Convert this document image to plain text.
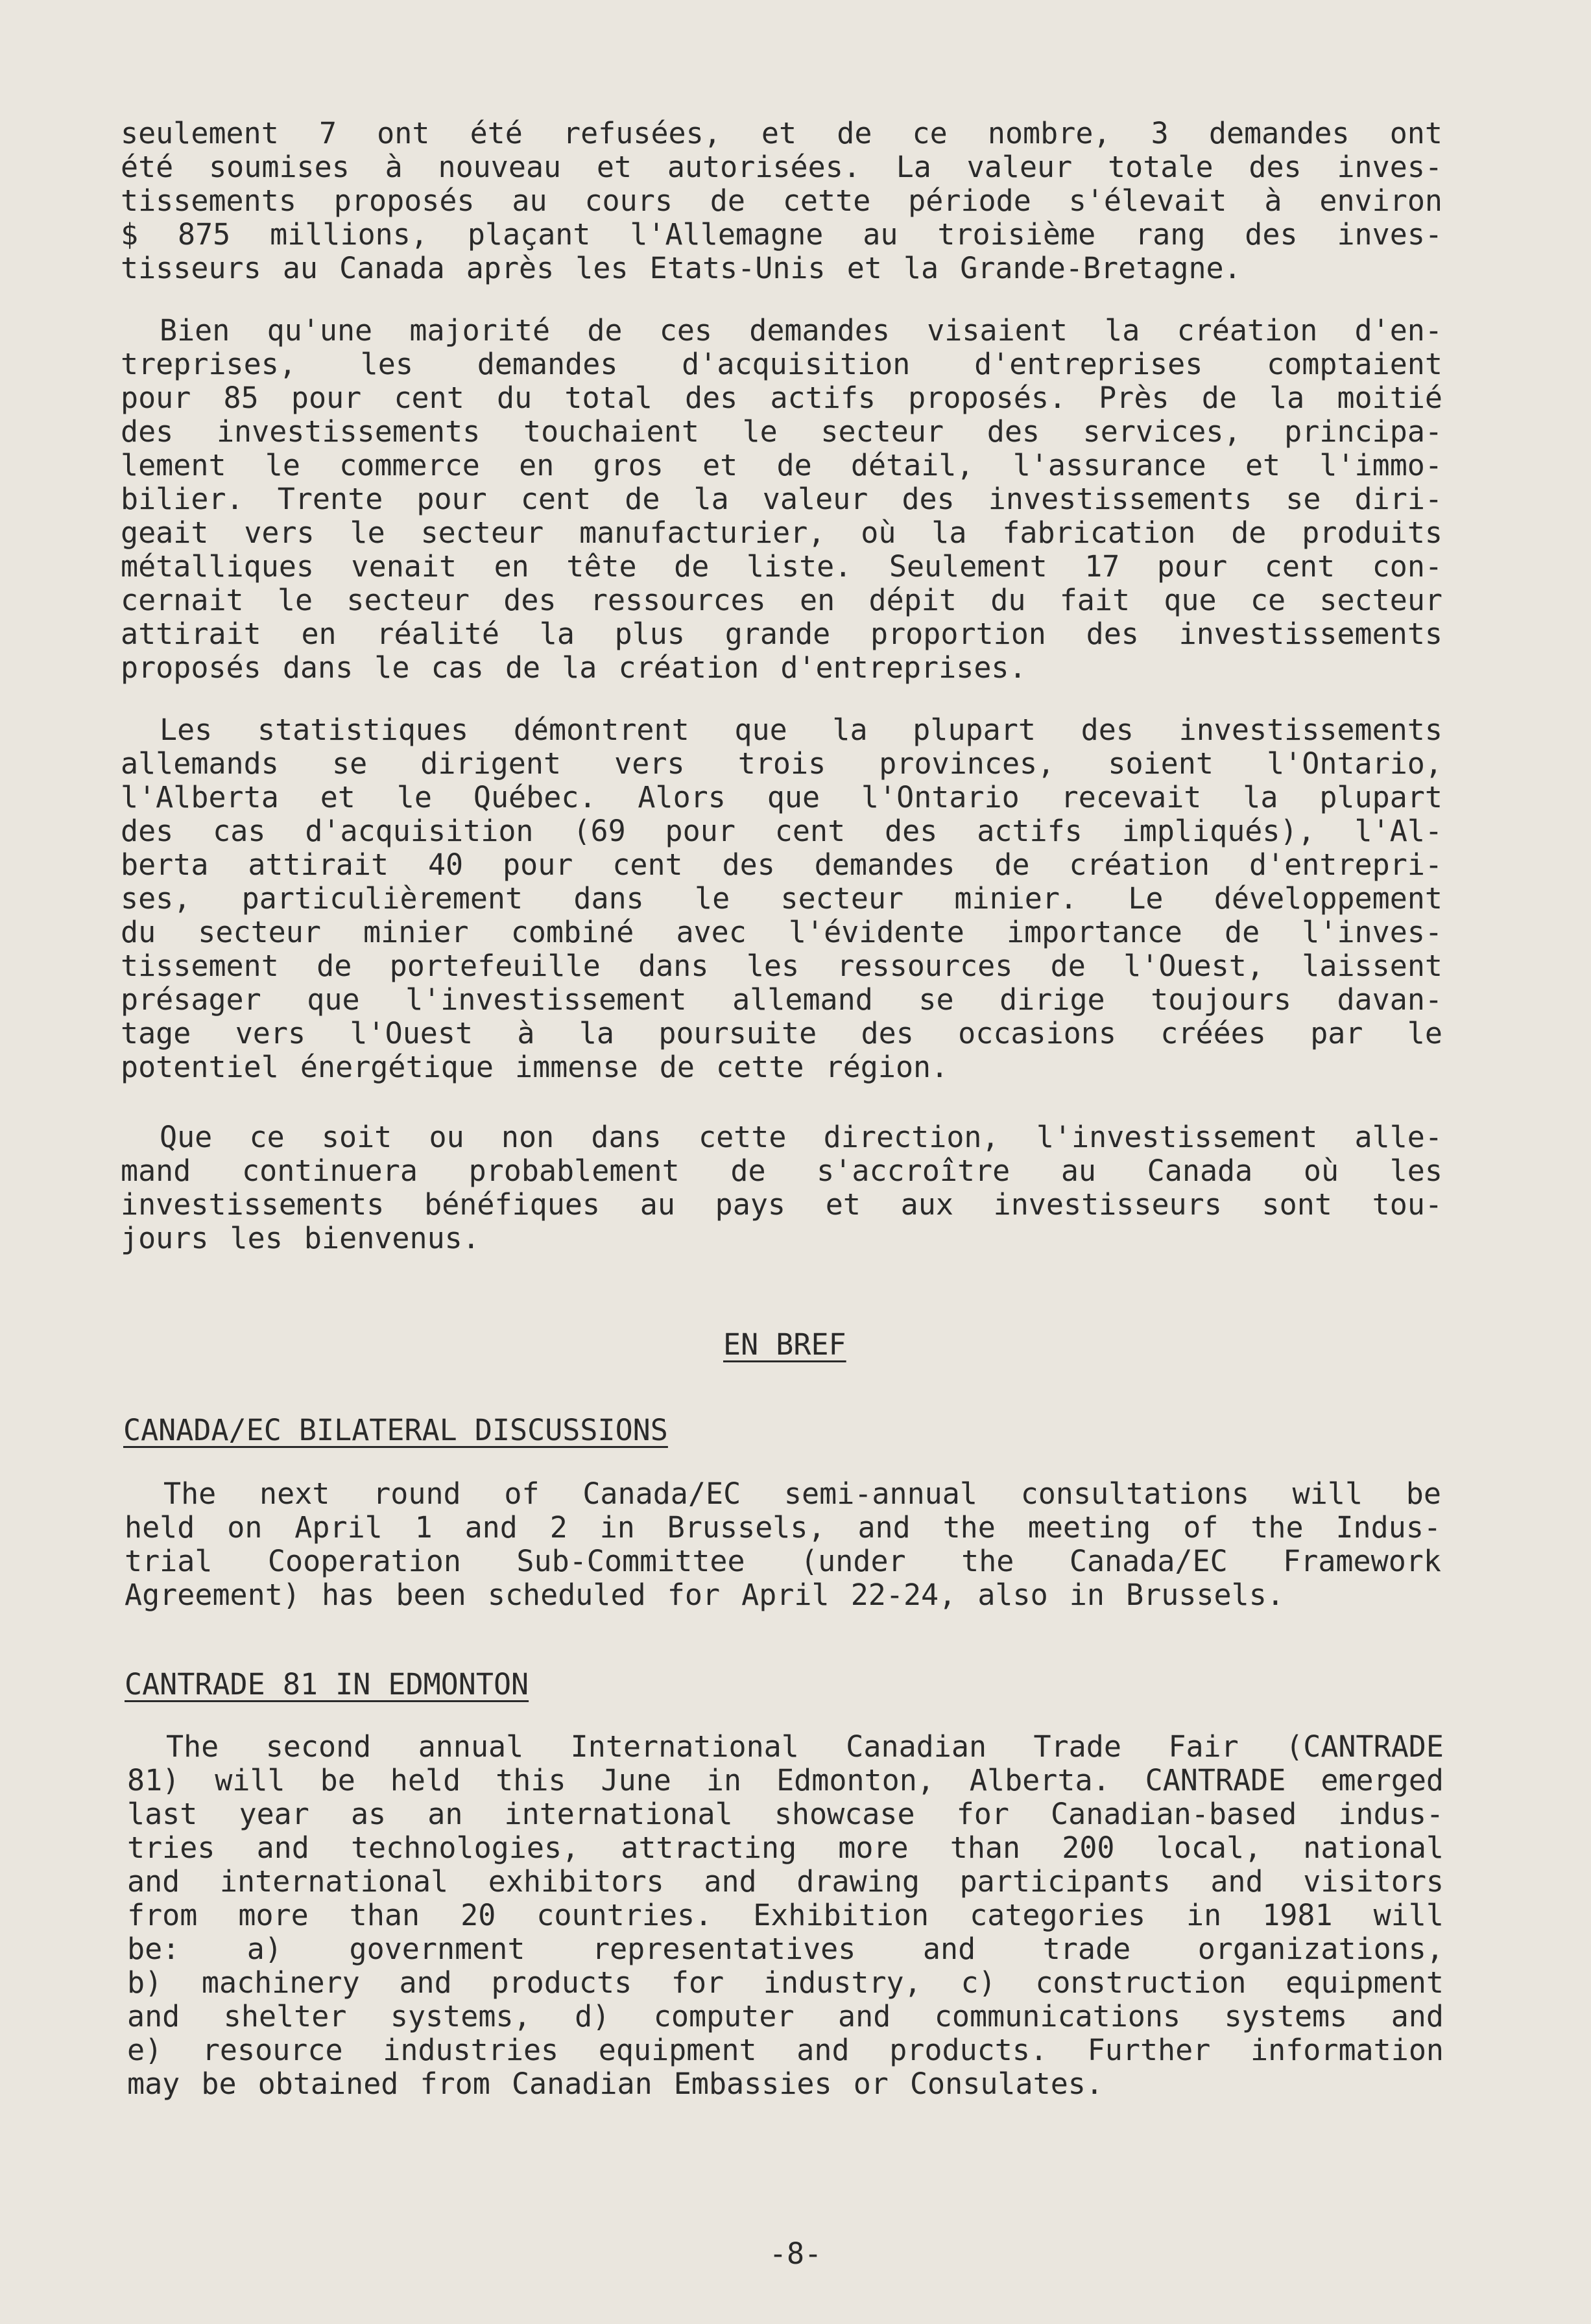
seulement 7 ont été refusées, et de ce nombre, 3 demandes ont
été soumises à nouveau et autorisées. La valeur totale des inves-
tissements proposés au cours de cette période s'élevait à environ
$ 875 millions, plaçant l'Allemagne au troisième rang des inves-
tisseurs au Canada après les Etats-Unis et la Grande-Bretagne.
Bien qu'une majorité de ces demandes visaient la création d'en-
treprises, les demandes d'acquisition d'entreprises comptaient
pour 85 pour cent du total des actifs proposés. Près de la moitié
des investissements touchaient le secteur des services, principa-
lement le commerce en gros et de détail, l'assurance et l'immo-
bilier. Trente pour cent de la valeur des investissements se diri-
geait vers le secteur manufacturier, où la fabrication de produits
métalliques venait en tête de liste. Seulement 17 pour cent con-
cernait le secteur des ressources en dépit du fait que ce secteur
attirait en réalité la plus grande proportion des investissements
proposés dans le cas de la création d'entreprises.
Les statistiques démontrent que la plupart des investissements
allemands se dirigent vers trois provinces, soient l'Ontario,
l'Alberta et le Québec. Alors que l'Ontario recevait la plupart
des cas d'acquisition (69 pour cent des actifs impliqués), l'Al-
berta attirait 40 pour cent des demandes de création d'entrepri-
ses, particulièrement dans le secteur minier. Le développement
du secteur minier combiné avec l'évidente importance de l'inves-
tissement de portefeuille dans les ressources de l'Ouest, laissent
présager que l'investissement allemand se dirige toujours davan-
tage vers l'Ouest à la poursuite des occasions créées par le
potentiel énergétique immense de cette région.
Que ce soit ou non dans cette direction, l'investissement alle-
mand continuera probablement de s'accroître au Canada où les
investissements bénéfiques au pays et aux investisseurs sont tou-
jours les bienvenus.
EN BREF
CANADA/EC BILATERAL DISCUSSIONS
The next round of Canada/EC semi-annual consultations will be
held on April 1 and 2 in Brussels, and the meeting of the Indus-
trial Cooperation Sub-Committee (under the Canada/EC Framework
Agreement) has been scheduled for April 22-24, also in Brussels.
CANTRADE 81 IN EDMONTON
The second annual International Canadian Trade Fair (CANTRADE
81) will be held this June in Edmonton, Alberta. CANTRADE emerged
last year as an international showcase for Canadian-based indus-
tries and technologies, attracting more than 200 local, national
and international exhibitors and drawing participants and visitors
from more than 20 countries. Exhibition categories in 1981 will
be: a) government representatives and trade organizations,
b) machinery and products for industry, c) construction equipment
and shelter systems, d) computer and communications systems and
e) resource industries equipment and products. Further information
may be obtained from Canadian Embassies or Consulates.
-8-
